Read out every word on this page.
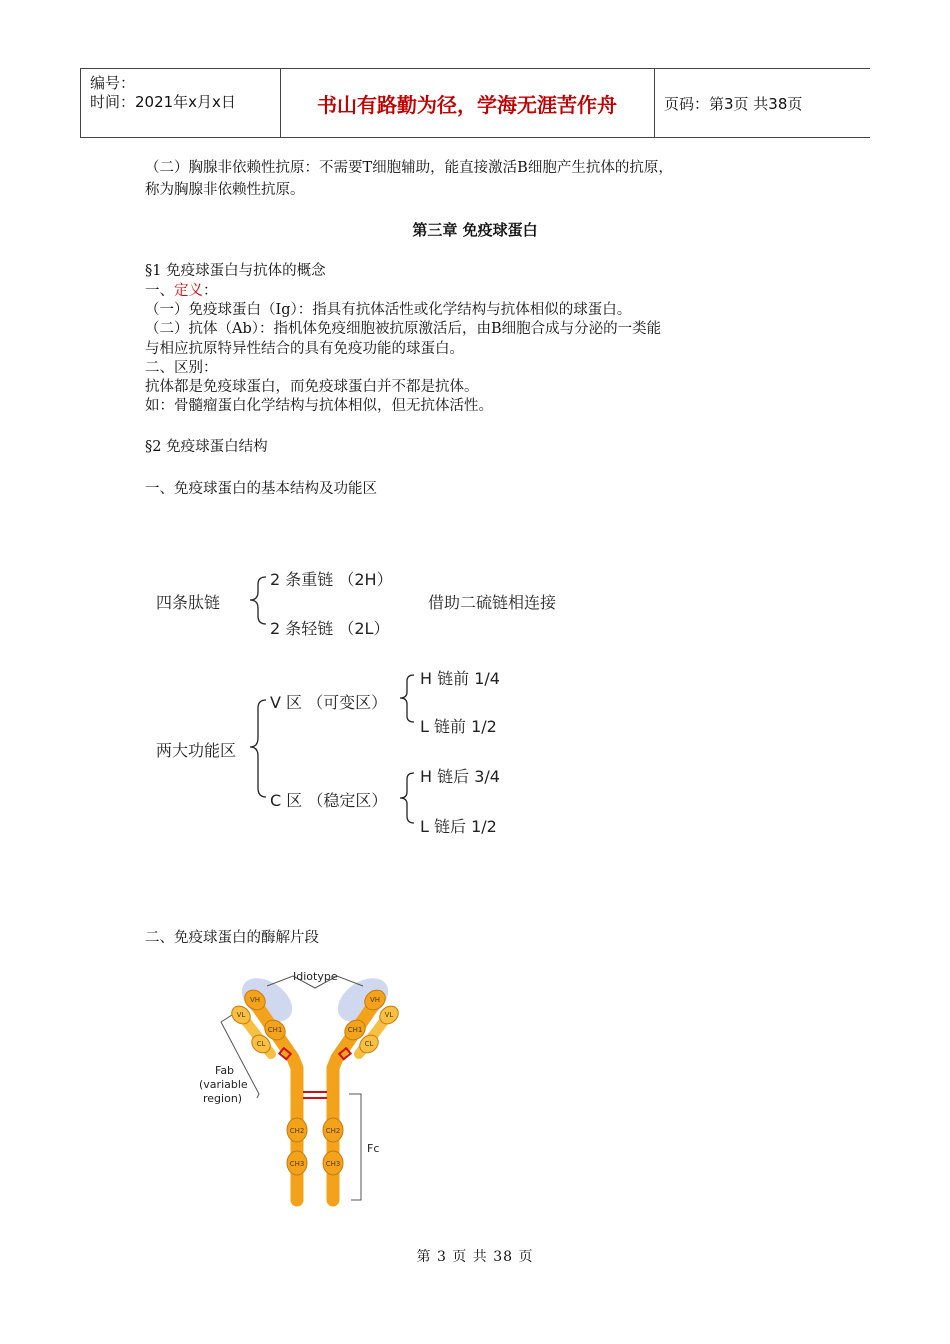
编号：
时间：2021年x月x日	书山有路勤为径，学海无涯苦作舟	页码：第3页 共38页
（二）胸腺非依赖性抗原：不需要T细胞辅助，能直接激活B细胞产生抗体的抗原，
称为胸腺非依赖性抗原。
第三章 免疫球蛋白
§1 免疫球蛋白与抗体的概念
一、定义：
（一）免疫球蛋白（Ig）：指具有抗体活性或化学结构与抗体相似的球蛋白。
（二）抗体（Ab）：指机体免疫细胞被抗原激活后，由B细胞合成与分泌的一类能
与相应抗原特异性结合的具有免疫功能的球蛋白。
二、区别：
抗体都是免疫球蛋白，而免疫球蛋白并不都是抗体。
如：骨髓瘤蛋白化学结构与抗体相似，但无抗体活性。
§2 免疫球蛋白结构
一、免疫球蛋白的基本结构及功能区
四条肽链
2 条重链 （2H）
2 条轻链 （2L）
借助二硫链相连接
两大功能区
V 区 （可变区）
C 区 （稳定区）
H 链前 1/4
L 链前 1/2
H 链后 3/4
L 链后 1/2
二、免疫球蛋白的酶解片段
VH
VL
CH1
CL
VH
VL
CH1
CL
CH2	CH2
CH3	CH3
Idiotype
Fab
(variable
region)
Fc
第 3 页 共 38 页
